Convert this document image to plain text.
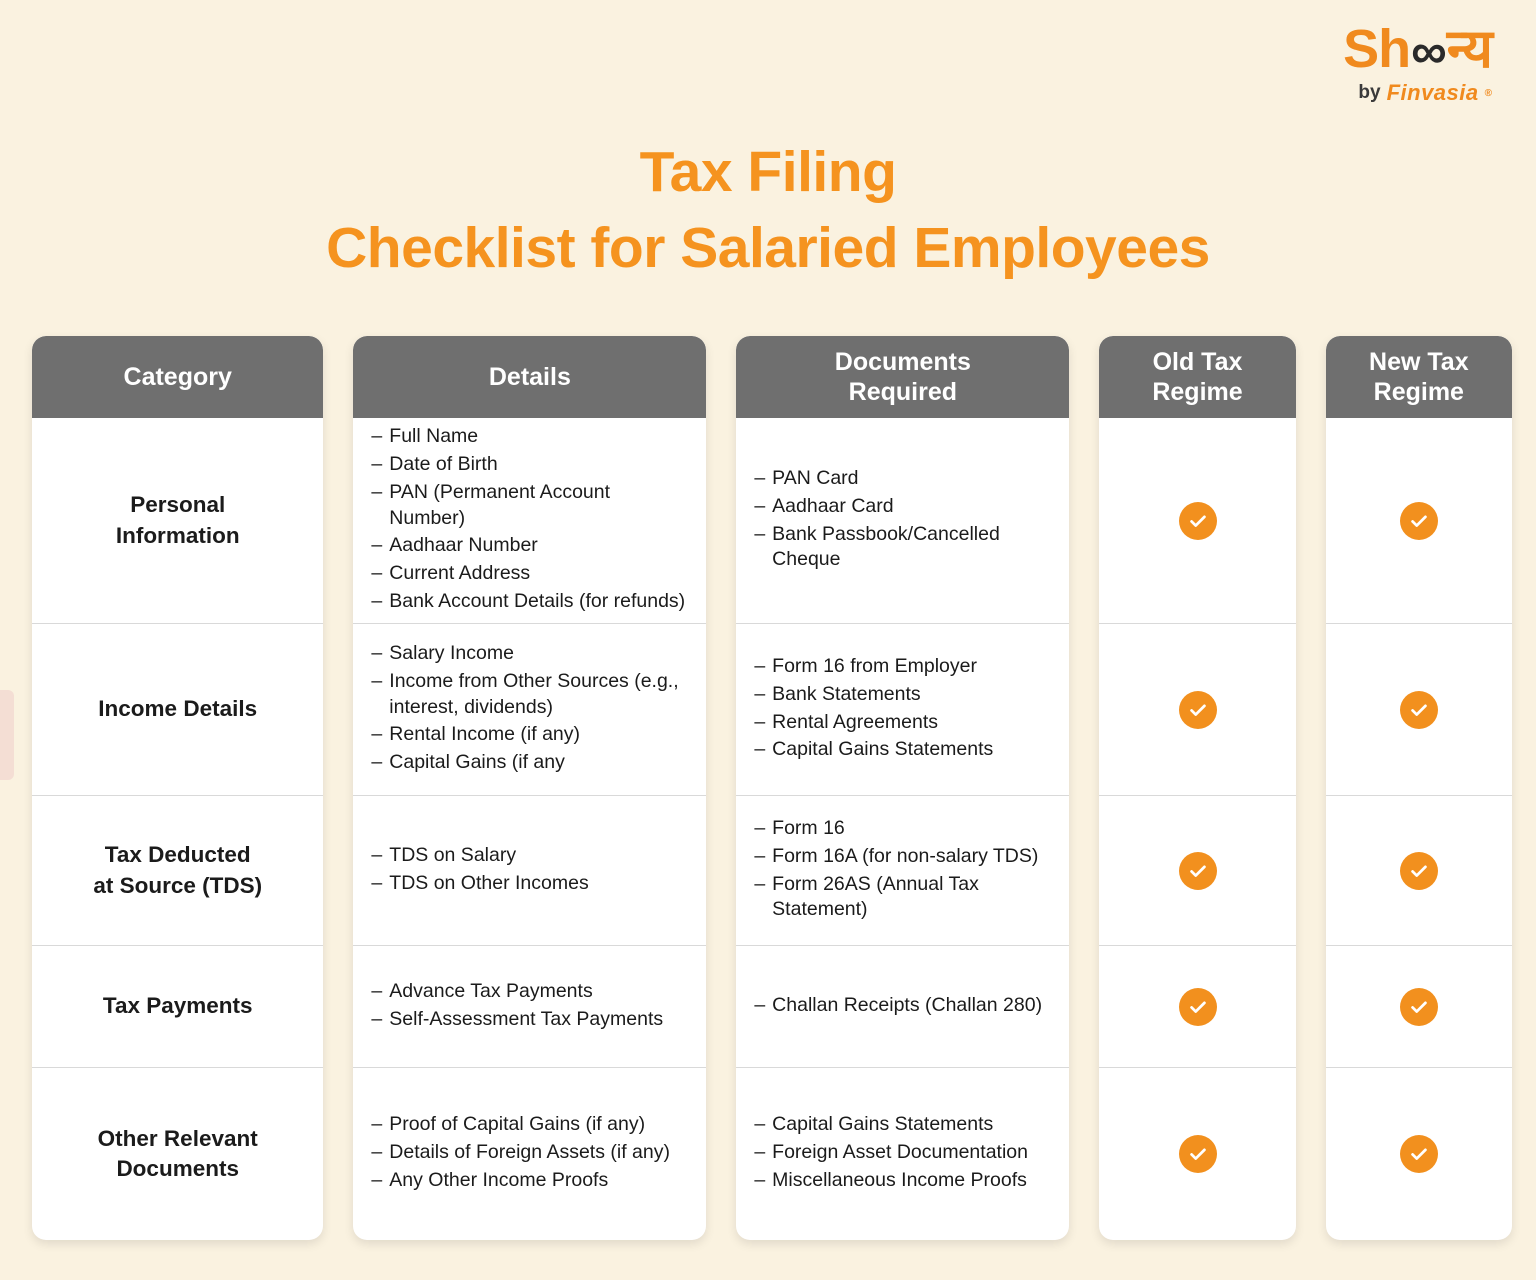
Sh ∞ न्य
by Finvasia ®
Tax Filing
Checklist for Salaried Employees
Category
Personal
Information
Income Details
Tax Deducted
at Source (TDS)
Tax Payments
Other Relevant
Documents
Details
– Full Name
– Date of Birth
– PAN (Permanent Account Number)
– Aadhaar Number
– Current Address
– Bank Account Details (for refunds)
– Salary Income
– Income from Other Sources (e.g., interest, dividends)
– Rental Income (if any)
– Capital Gains (if any
– TDS on Salary
– TDS on Other Incomes
– Advance Tax Payments
– Self-Assessment Tax Payments
– Proof of Capital Gains (if any)
– Details of Foreign Assets (if any)
– Any Other Income Proofs
Documents
Required
– PAN Card
– Aadhaar Card
– Bank Passbook/Cancelled Cheque
– Form 16 from Employer
– Bank Statements
– Rental Agreements
– Capital Gains Statements
– Form 16
– Form 16A (for non-salary TDS)
– Form 26AS (Annual Tax Statement)
– Challan Receipts (Challan 280)
– Capital Gains Statements
– Foreign Asset Documentation
– Miscellaneous Income Proofs
Old Tax
Regime
New Tax
Regime
